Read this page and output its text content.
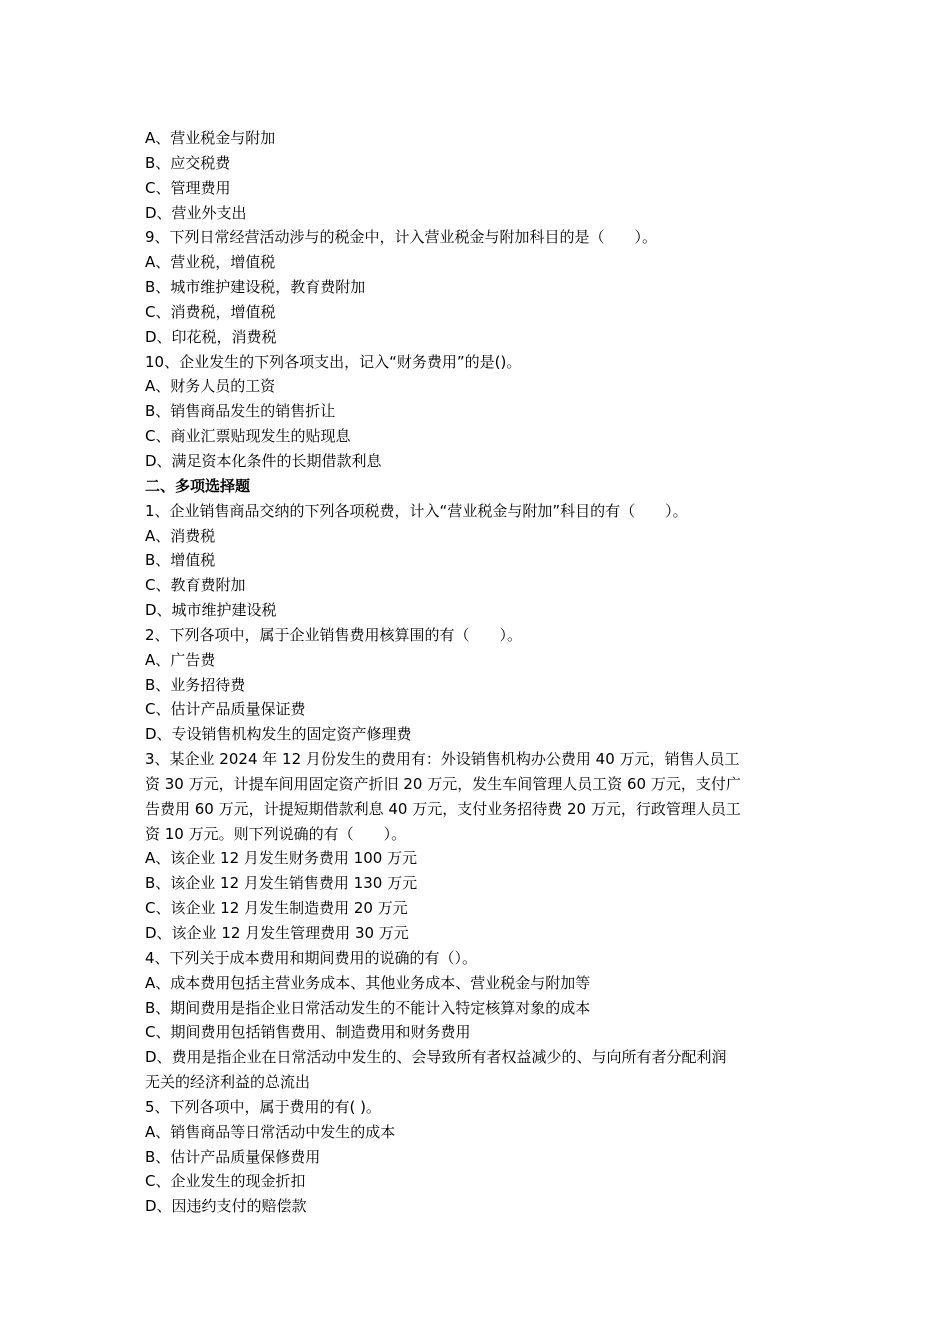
A、营业税金与附加

B、应交税费

C、管理费用

D、营业外支出

9、下列日常经营活动涉与的税金中，计入营业税金与附加科目的是（　　）。

A、营业税，增值税

B、城市维护建设税，教育费附加

C、消费税，增值税

D、印花税，消费税

10、企业发生的下列各项支出，记入“财务费用”的是()。

A、财务人员的工资

B、销售商品发生的销售折让

C、商业汇票贴现发生的贴现息

D、满足资本化条件的长期借款利息

二、多项选择题

1、企业销售商品交纳的下列各项税费，计入“营业税金与附加”科目的有（　　）。

A、消费税

B、增值税

C、教育费附加

D、城市维护建设税

2、下列各项中，属于企业销售费用核算围的有（　　）。

A、广告费

B、业务招待费

C、估计产品质量保证费

D、专设销售机构发生的固定资产修理费

3、某企业 2024 年 12 月份发生的费用有：外设销售机构办公费用 40 万元，销售人员工

资 30 万元，计提车间用固定资产折旧 20 万元，发生车间管理人员工资 60 万元，支付广

告费用 60 万元，计提短期借款利息 40 万元，支付业务招待费 20 万元，行政管理人员工

资 10 万元。则下列说确的有（　　）。

A、该企业 12 月发生财务费用 100 万元

B、该企业 12 月发生销售费用 130 万元

C、该企业 12 月发生制造费用 20 万元

D、该企业 12 月发生管理费用 30 万元

4、下列关于成本费用和期间费用的说确的有（）。

A、成本费用包括主营业务成本、其他业务成本、营业税金与附加等

B、期间费用是指企业日常活动发生的不能计入特定核算对象的成本

C、期间费用包括销售费用、制造费用和财务费用

D、费用是指企业在日常活动中发生的、会导致所有者权益减少的、与向所有者分配利润

无关的经济利益的总流出

5、下列各项中，属于费用的有( )。

A、销售商品等日常活动中发生的成本

B、估计产品质量保修费用

C、企业发生的现金折扣

D、因违约支付的赔偿款
